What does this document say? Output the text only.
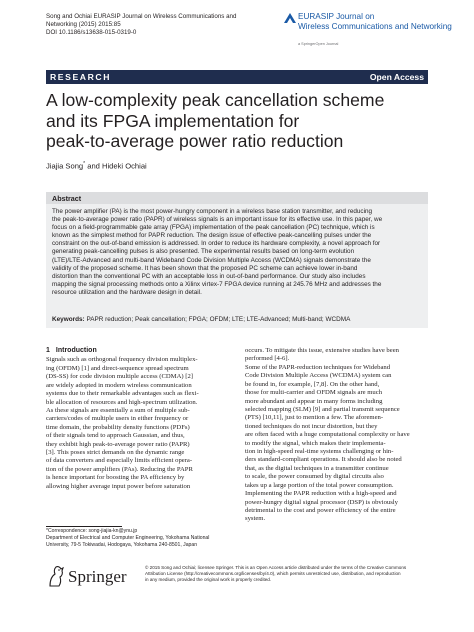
Song and Ochiai EURASIP Journal on Wireless Communications and
Networking (2015) 2015:85
DOI 10.1186/s13638-015-0319-0
EURASIP Journal on
Wireless Communications and Networking
a SpringerOpen Journal
RESEARCH	Open Access
A low-complexity peak cancellation scheme
and its FPGA implementation for
peak-to-average power ratio reduction
Jiajia Song* and Hideki Ochiai
Abstract
The power amplifier (PA) is the most power-hungry component in a wireless base station transmitter, and reducing
the peak-to-average power ratio (PAPR) of wireless signals is an important issue for its effective use. In this paper, we
focus on a field-programmable gate array (FPGA) implementation of the peak cancellation (PC) technique, which is
known as the simplest method for PAPR reduction. The design issue of effective peak-cancelling pulses under the
constraint on the out-of-band emission is addressed. In order to reduce its hardware complexity, a novel approach for
generating peak-cancelling pulses is also presented. The experimental results based on long-term evolution
(LTE)/LTE-Advanced and multi-band Wideband Code Division Multiple Access (WCDMA) signals demonstrate the
validity of the proposed scheme. It has been shown that the proposed PC scheme can achieve lower in-band
distortion than the conventional PC with an acceptable loss in out-of-band performance. Our study also includes
mapping the signal processing methods onto a Xilinx virtex-7 FPGA device running at 245.76 MHz and addresses the
resource utilization and the hardware design in detail.
Keywords: PAPR reduction; Peak cancellation; FPGA; OFDM; LTE; LTE-Advanced; Multi-band; WCDMA
1 Introduction
Signals such as orthogonal frequency division multiplex-
ing (OFDM) [1] and direct-sequence spread spectrum
(DS-SS) for code division multiple access (CDMA) [2]
are widely adopted in modern wireless communication
systems due to their remarkable advantages such as flexi-
ble allocation of resources and high-spectrum utilization.
As these signals are essentially a sum of multiple sub-
carriers/codes of multiple users in either frequency or
time domain, the probability density functions (PDFs)
of their signals tend to approach Gaussian, and thus,
they exhibit high peak-to-average power ratio (PAPR)
[3]. This poses strict demands on the dynamic range
of data converters and especially limits efficient opera-
tion of the power amplifiers (PAs). Reducing the PAPR
is hence important for boosting the PA efficiency by
allowing higher average input power before saturation
occurs. To mitigate this issue, extensive studies have been
performed [4-6].
Some of the PAPR-reduction techniques for Wideband
Code Division Multiple Access (WCDMA) system can
be found in, for example, [7,8]. On the other hand,
those for multi-carrier and OFDM signals are much
more abundant and appear in many forms including
selected mapping (SLM) [9] and partial transmit sequence
(PTS) [10,11], just to mention a few. The aforemen-
tioned techniques do not incur distortion, but they
are often faced with a huge computational complexity or have
to modify the signal, which makes their implementa-
tion in high-speed real-time systems challenging or hin-
ders standard-compliant operations. It should also be noted
that, as the digital techniques in a transmitter continue
to scale, the power consumed by digital circuits also
takes up a large portion of the total power consumption.
Implementing the PAPR reduction with a high-speed and
power-hungry digital signal processor (DSP) is obviously
detrimental to the cost and power efficiency of the entire
system.
*Correspondence: song-jiajia-kn@ynu.jp
Department of Electrical and Computer Engineering, Yokohama National
University, 79-5 Tokiwadai, Hodogaya, Yokohama 240-8501, Japan
Springer	© 2015 Song and Ochiai; licensee Springer. This is an Open Access article distributed under the terms of the Creative Commons
Attribution License (http://creativecommons.org/licenses/by/4.0), which permits unrestricted use, distribution, and reproduction
in any medium, provided the original work is properly credited.
